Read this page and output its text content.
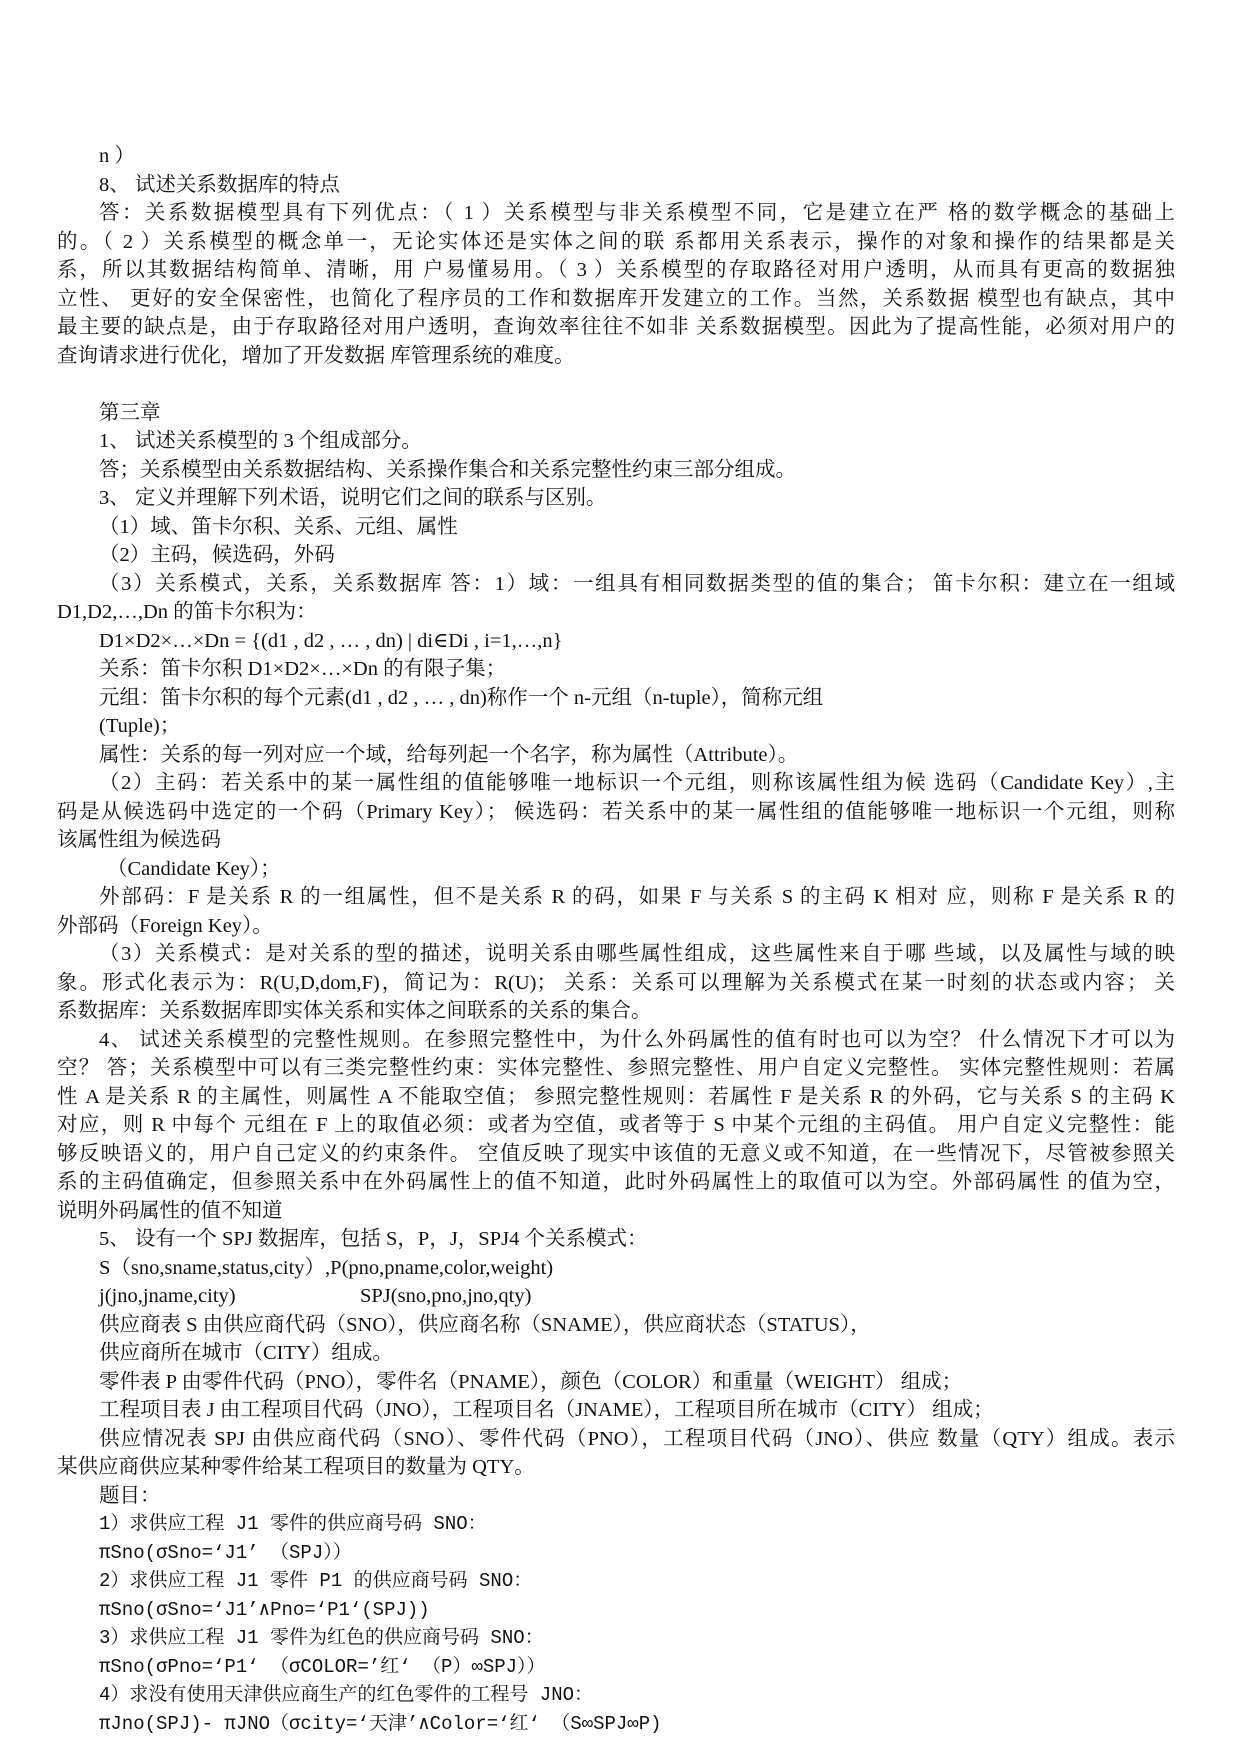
n ）
8、 试述关系数据库的特点
答：关系数据模型具有下列优点：（ 1 ）关系模型与非关系模型不同，它是建立在严 格的数学概念的基础上
的。（ 2 ）关系模型的概念单一，无论实体还是实体之间的联 系都用关系表示，操作的对象和操作的结果都是关
系，所以其数据结构简单、清晰，用 户易懂易用。（ 3 ）关系模型的存取路径对用户透明，从而具有更高的数据独
立性、 更好的安全保密性，也简化了程序员的工作和数据库开发建立的工作。当然，关系数据 模型也有缺点，其中
最主要的缺点是，由于存取路径对用户透明，查询效率往往不如非 关系数据模型。因此为了提高性能，必须对用户的
查询请求进行优化，增加了开发数据 库管理系统的难度。
第三章
1、 试述关系模型的 3 个组成部分。
答；关系模型由关系数据结构、关系操作集合和关系完整性约束三部分组成。
3、 定义并理解下列术语，说明它们之间的联系与区别。
（1）域、笛卡尔积、关系、元组、属性
（2）主码，候选码，外码
（3）关系模式，关系，关系数据库 答：1）域：一组具有相同数据类型的值的集合； 笛卡尔积：建立在一组域
D1,D2,…,Dn 的笛卡尔积为：
D1×D2×…×Dn = {(d1 , d2 , … , dn) | di∈Di , i=1,…,n}
关系：笛卡尔积 D1×D2×…×Dn 的有限子集；
元组：笛卡尔积的每个元素(d1 , d2 , … , dn)称作一个 n-元组（n-tuple），简称元组
(Tuple)；
属性：关系的每一列对应一个域，给每列起一个名字，称为属性（Attribute）。
（2）主码：若关系中的某一属性组的值能够唯一地标识一个元组，则称该属性组为候 选码（Candidate Key）,主
码是从候选码中选定的一个码（Primary Key）； 候选码：若关系中的某一属性组的值能够唯一地标识一个元组，则称
该属性组为候选码
（Candidate Key）；
外部码：F 是关系 R 的一组属性，但不是关系 R 的码，如果 F 与关系 S 的主码 K 相对 应，则称 F 是关系 R 的
外部码（Foreign Key）。
（3）关系模式：是对关系的型的描述，说明关系由哪些属性组成，这些属性来自于哪 些域，以及属性与域的映
象。形式化表示为：R(U,D,dom,F)，简记为：R(U)； 关系：关系可以理解为关系模式在某一时刻的状态或内容； 关
系数据库：关系数据库即实体关系和实体之间联系的关系的集合。
4、 试述关系模型的完整性规则。在参照完整性中，为什么外码属性的值有时也可以为空？ 什么情况下才可以为
空？ 答；关系模型中可以有三类完整性约束：实体完整性、参照完整性、用户自定义完整性。 实体完整性规则：若属
性 A 是关系 R 的主属性，则属性 A 不能取空值； 参照完整性规则：若属性 F 是关系 R 的外码，它与关系 S 的主码 K
对应，则 R 中每个 元组在 F 上的取值必须：或者为空值，或者等于 S 中某个元组的主码值。 用户自定义完整性：能
够反映语义的，用户自己定义的约束条件。 空值反映了现实中该值的无意义或不知道，在一些情况下，尽管被参照关
系的主码值确定，但参照关系中在外码属性上的值不知道，此时外码属性上的取值可以为空。外部码属性 的值为空，
说明外码属性的值不知道
5、 设有一个 SPJ 数据库，包括 S，P，J，SPJ4 个关系模式：
S（sno,sname,status,city）,P(pno,pname,color,weight)
j(jno,jname,city)	SPJ(sno,pno,jno,qty)
供应商表 S 由供应商代码（SNO），供应商名称（SNAME），供应商状态（STATUS），
供应商所在城市（CITY）组成。
零件表 P 由零件代码（PNO），零件名（PNAME），颜色（COLOR）和重量（WEIGHT） 组成；
工程项目表 J 由工程项目代码（JNO），工程项目名（JNAME），工程项目所在城市（CITY） 组成；
供应情况表 SPJ 由供应商代码（SNO）、零件代码（PNO），工程项目代码（JNO）、供应 数量（QTY）组成。表示
某供应商供应某种零件给某工程项目的数量为 QTY。
题目：
1）求供应工程 J1 零件的供应商号码 SNO：
πSno(σSno=‘J1’ （SPJ））
2）求供应工程 J1 零件 P1 的供应商号码 SNO：
πSno(σSno=‘J1’∧Pno=‘P1‘(SPJ))
3）求供应工程 J1 零件为红色的供应商号码 SNO：
πSno(σPno=‘P1‘ （σCOLOR=’红‘ （P）∞SPJ））
4）求没有使用天津供应商生产的红色零件的工程号 JNO：
πJno(SPJ)- πJNO（σcity=‘天津’∧Color=‘红‘ （S∞SPJ∞P)
